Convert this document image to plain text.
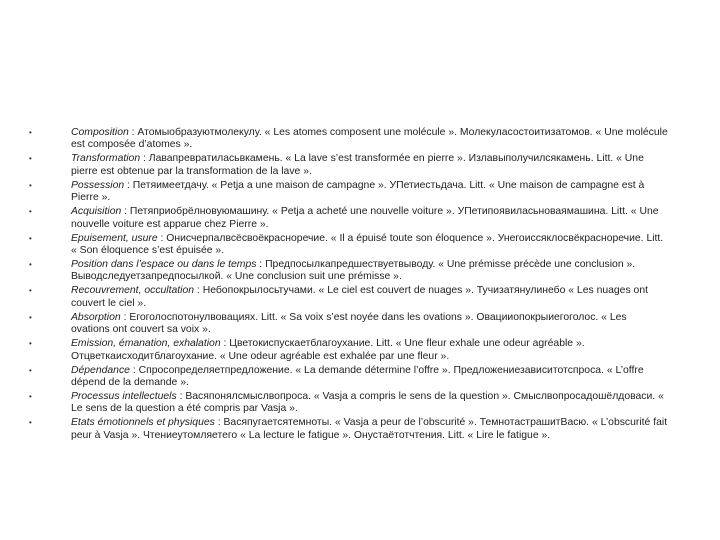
•	Composition : Атомыобразуютмолекулу. « Les atomes composent une molécule ». Молекуласостоитизатомов. « Une molécule est composée d’atomes ».
•	Transformation : Лавапревратиласьвкамень. « La lave s’est transformée en pierre ». Излавыполучилсякамень. Litt. « Une pierre est obtenue par la transformation de la lave ».
•	Possession : Петяимеетдачу. « Petja a une maison de campagne ». УПетиестьдача. Litt. « Une maison de campagne est à Pierre ».
•	Acquisition : Петяприобрёлновуюмашину. « Petja a acheté une nouvelle voiture ». УПетипоявиласьноваямашина. Litt. « Une nouvelle voiture est apparue chez Pierre ».
•	Epuisement, usure : Онисчерпалвсёсвоёкрасноречие. « Il a épuisé toute son éloquence ». Унегоиссяклосвёкрасноречие. Litt. « Son éloquence s’est épuisée ».
•	Position dans l’espace ou dans le temps : Предпосылкапредшествуетвыводу. « Une prémisse précède une conclusion ». Выводследуетзапредпосылкой. « Une conclusion suit une prémisse ».
•	Recouvrement, occultation : Небопокрылосьтучами. « Le ciel est couvert de nuages ». Тучизатянулинебо « Les nuages ont couvert le ciel ».
•	Absorption : Егоголоспотонулвовациях. Litt. « Sa voix s’est noyée dans les ovations ». Овацииопокрыиегоголос. « Les ovations ont couvert sa voix ».
•	Emission, émanation, exhalation : Цветокиспускаетблагоухание. Litt. « Une fleur exhale une odeur agréable ». Отцветкаисходитблагоухание. « Une odeur agréable est exhalée par une fleur ».
•	Dépendance : Спросопределяетпредложение. « La demande détermine l’offre ». Предложениезависитотспроса. « L’offre dépend de la demande ».
•	Processus intellectuels : Васяпонялсмыслвопроса. « Vasja a compris le sens de la question ». Смыслвопросадошёлдоваси. « Le sens de la question a été compris par Vasja ».
•	Etats émotionnels et physiques : Васяпугаетсятемноты. « Vasja a peur de l’obscurité ». ТемнотастрашитВасю. « L’obscurité fait peur à Vasja ». Чтениеутомляетего « La lecture le fatigue ». Онустаётотчтения. Litt. « Lire le fatigue ».
